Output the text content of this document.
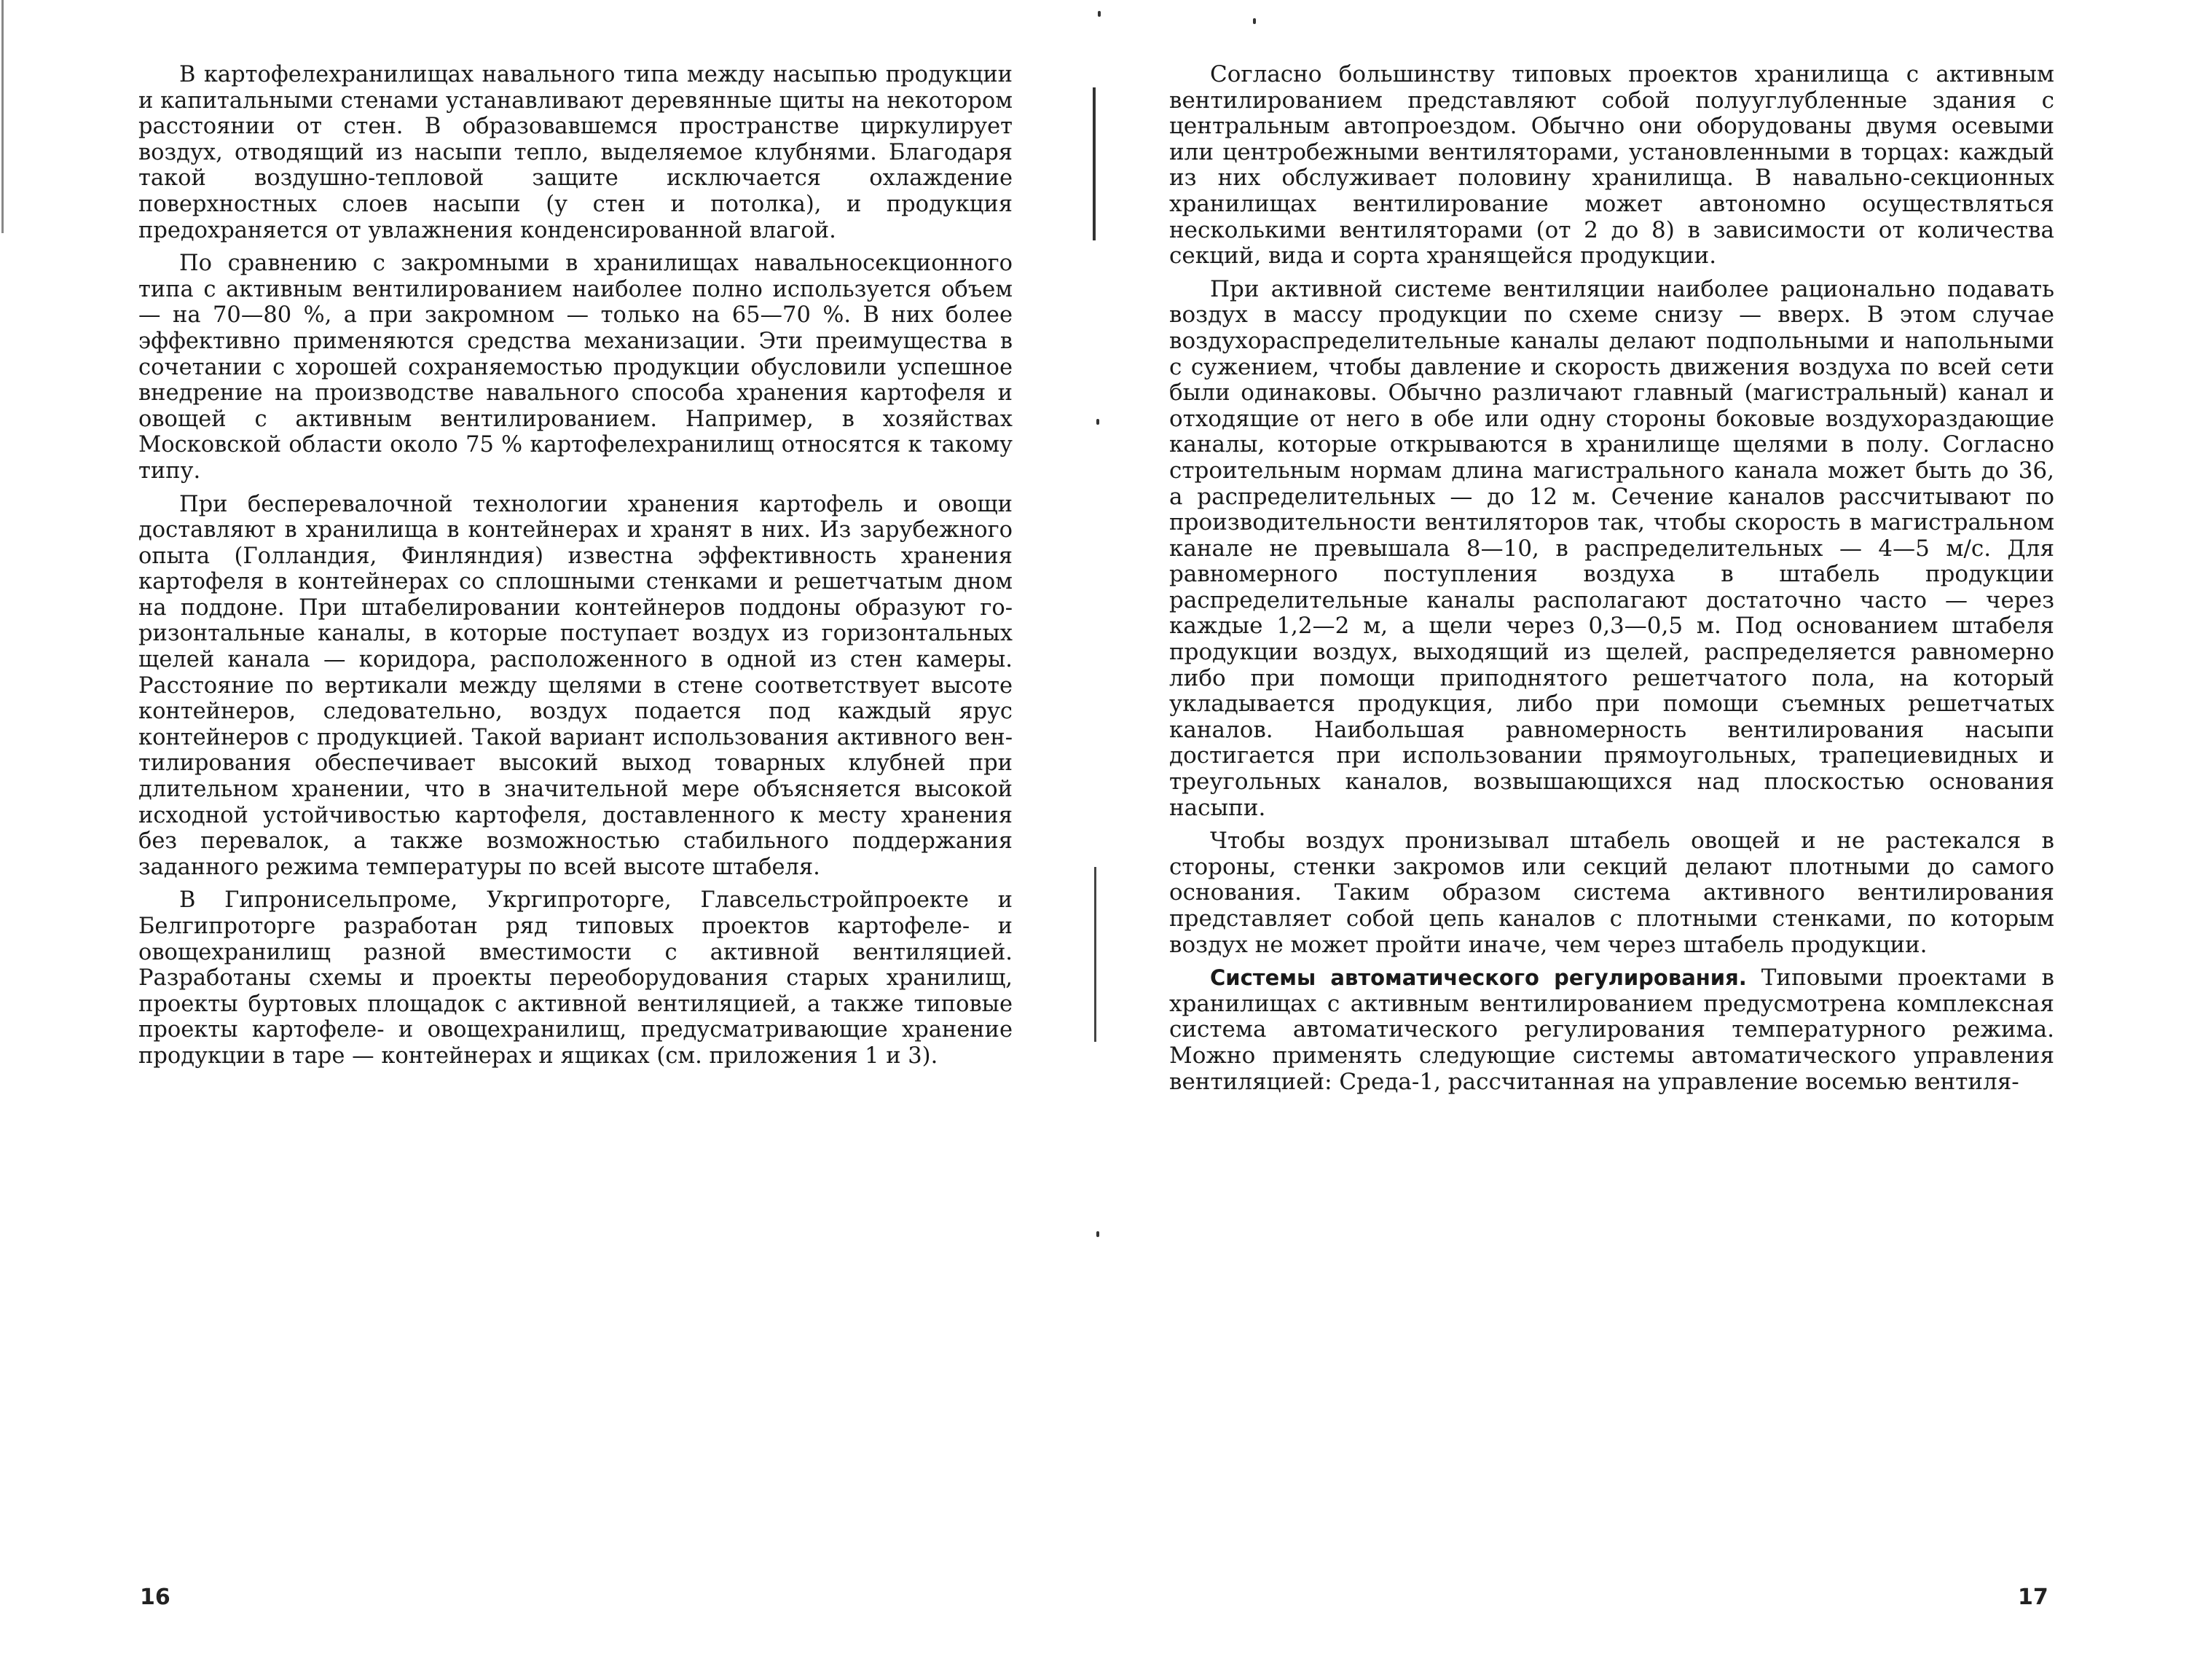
В картофелехранилищах навального типа между насыпью продукции и капитальными стенами устанавливают деревянные щиты на некотором расстоянии от стен. В образовавшемся пространстве циркулирует воздух, отводящий из насыпи тепло, выделяемое клубнями. Благодаря такой воздушно-тепловой защите исключается охлаждение поверхностных слоев насыпи (у стен и потолка), и продукция предохраняется от увлажнения конденсированной влагой.

По сравнению с закромными в хранилищах навальносекционного типа с активным вентилированием наиболее полно используется объем — на 70—80 %, а при закромном — только на 65—70 %. В них более эффективно применяются средства механизации. Эти преимущества в сочетании с хорошей сохраняемостью продукции обусловили успешное внедрение на производстве навального способа хранения картофеля и овощей с активным вентилированием. Например, в хозяйствах Московской области около 75 % картофелехранилищ относятся к такому типу.

При бесперевалочной технологии хранения картофель и овощи доставляют в хранилища в контейнерах и хранят в них. Из зарубежного опыта (Голландия, Финляндия) известна эффективность хранения картофеля в контейнерах со сплошными стенками и решетчатым дном на поддоне. При штабелировании контейнеров поддоны образуют горизонтальные каналы, в которые поступает воздух из горизонтальных щелей канала — коридора, расположенного в одной из стен камеры. Расстояние по вертикали между щелями в стене соответствует высоте контейнеров, следовательно, воздух подается под каждый ярус контейнеров с продукцией. Такой вариант использования активного вентилирования обеспечивает высокий выход товарных клубней при длительном хранении, что в значительной мере объясняется высокой исходной устойчивостью картофеля, доставленного к месту хранения без перевалок, а также возможностью стабильного поддержания заданного режима температуры по всей высоте штабеля.

В Гипронисельпроме, Укргипроторге, Главсельстройпроекте и Белгипроторге разработан ряд типовых проектов картофеле- и овощехранилищ разной вместимости с активной вентиляцией. Разработаны схемы и проекты переоборудования старых хранилищ, проекты буртовых площадок с активной вентиляцией, а также типовые проекты картофеле- и овощехранилищ, предусматривающие хранение продукции в таре — контейнерах и ящиках (см. приложения 1 и 3).

Согласно большинству типовых проектов хранилища с активным вентилированием представляют собой полууглубленные здания с центральным автопроездом. Обычно они оборудованы двумя осевыми или центробежными вентиляторами, установленными в торцах: каждый из них обслуживает половину хранилища. В навально-секционных хранилищах вентилирование может автономно осуществляться несколькими вентиляторами (от 2 до 8) в зависимости от количества секций, вида и сорта хранящейся продукции.

При активной системе вентиляции наиболее рационально подавать воздух в массу продукции по схеме снизу — вверх. В этом случае воздухораспределительные каналы делают подпольными и напольными с сужением, чтобы давление и скорость движения воздуха по всей сети были одинаковы. Обычно различают главный (магистральный) канал и отходящие от него в обе или одну стороны боковые воздухораздающие каналы, которые открываются в хранилище щелями в полу. Согласно строительным нормам длина магистрального канала может быть до 36, а распределительных — до 12 м. Сечение каналов рассчитывают по производительности вентиляторов так, чтобы скорость в магистральном канале не превышала 8—10, в распределительных — 4—5 м/с. Для равномерного поступления воздуха в штабель продукции распределительные каналы располагают достаточно часто — через каждые 1,2—2 м, а щели через 0,3—0,5 м. Под основанием штабеля продукции воздух, выходящий из щелей, распределяется равномерно либо при помощи приподнятого решетчатого пола, на который укладывается продукция, либо при помощи съемных решетчатых каналов. Наибольшая равномерность вентилирования насыпи достигается при использовании прямоугольных, трапециевидных и треугольных каналов, возвышающихся над плоскостью основания насыпи.

Чтобы воздух пронизывал штабель овощей и не растекался в стороны, стенки закромов или секций делают плотными до самого основания. Таким образом система активного вентилирования представляет собой цепь каналов с плотными стенками, по которым воздух не может пройти иначе, чем через штабель продукции.

Системы автоматического регулирования. Типовыми проектами в хранилищах с активным вентилированием предусмотрена комплексная система автоматического регулирования температурного режима. Можно применять следующие системы автоматического управления вентиляцией: Среда-1, рассчитанная на управление восемью вентиля-

16	17
